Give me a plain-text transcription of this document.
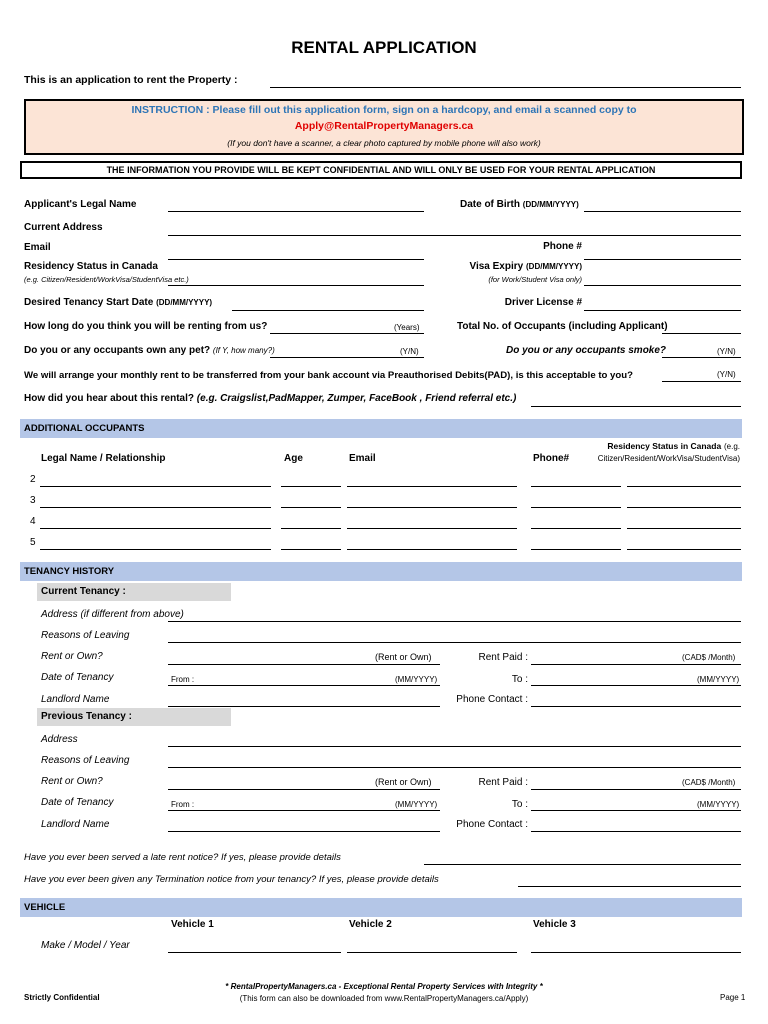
RENTAL APPLICATION
This is an application to rent the Property :
INSTRUCTION : Please fill out this application form, sign on a hardcopy, and email a scanned copy to
Apply@RentalPropertyManagers.ca
(If you don't have a scanner, a clear photo captured by mobile phone will also work)
THE INFORMATION YOU PROVIDE WILL BE KEPT CONFIDENTIAL AND WILL ONLY BE USED FOR YOUR RENTAL APPLICATION
Applicant's Legal Name	Date of Birth (DD/MM/YYYY)
Current Address
Email	Phone #
Residency Status in Canada
(e.g. Citizen/Resident/WorkVisa/StudentVisa etc.)
Visa Expiry (DD/MM/YYYY)
(for Work/Student Visa only)
Desired Tenancy Start Date (DD/MM/YYYY)	Driver License #
How long do you think you will be renting from us?	(Years)	Total No. of Occupants (including Applicant)
Do you or any occupants own any pet? (If Y, how many?)	(Y/N)	Do you or any occupants smoke?	(Y/N)
We will arrange your monthly rent to be transferred from your bank account via Preauthorised Debits(PAD), is this acceptable to you?	(Y/N)
How did you hear about this rental? (e.g. Craigslist,PadMapper, Zumper, FaceBook , Friend referral etc.)
ADDITIONAL OCCUPANTS
Legal Name / Relationship	Age	Email	Phone#
Residency Status in Canada (e.g.
Citizen/Resident/WorkVisa/StudentVisa)
2
3
4
5
TENANCY HISTORY
Current Tenancy :
Address (if different from above)
Reasons of Leaving
Rent or Own?	(Rent or Own)	Rent Paid :	(CAD$ /Month)
Date of Tenancy	From :	(MM/YYYY)	To :	(MM/YYYY)
Landlord Name	Phone Contact :
Previous Tenancy :
Address
Reasons of Leaving
Rent or Own?	(Rent or Own)	Rent Paid :	(CAD$ /Month)
Date of Tenancy	From :	(MM/YYYY)	To :	(MM/YYYY)
Landlord Name	Phone Contact :
Have you ever been served a late rent notice? If yes, please provide details
Have you ever been given any Termination notice from your tenancy? If yes, please provide details
VEHICLE
Vehicle 1	Vehicle 2	Vehicle 3
Make / Model / Year
Strictly Confidential
* RentalPropertyManagers.ca - Exceptional Rental Property Services with Integrity *
(This form can also be downloaded from www.RentalPropertyManagers.ca/Apply)	Page 1
